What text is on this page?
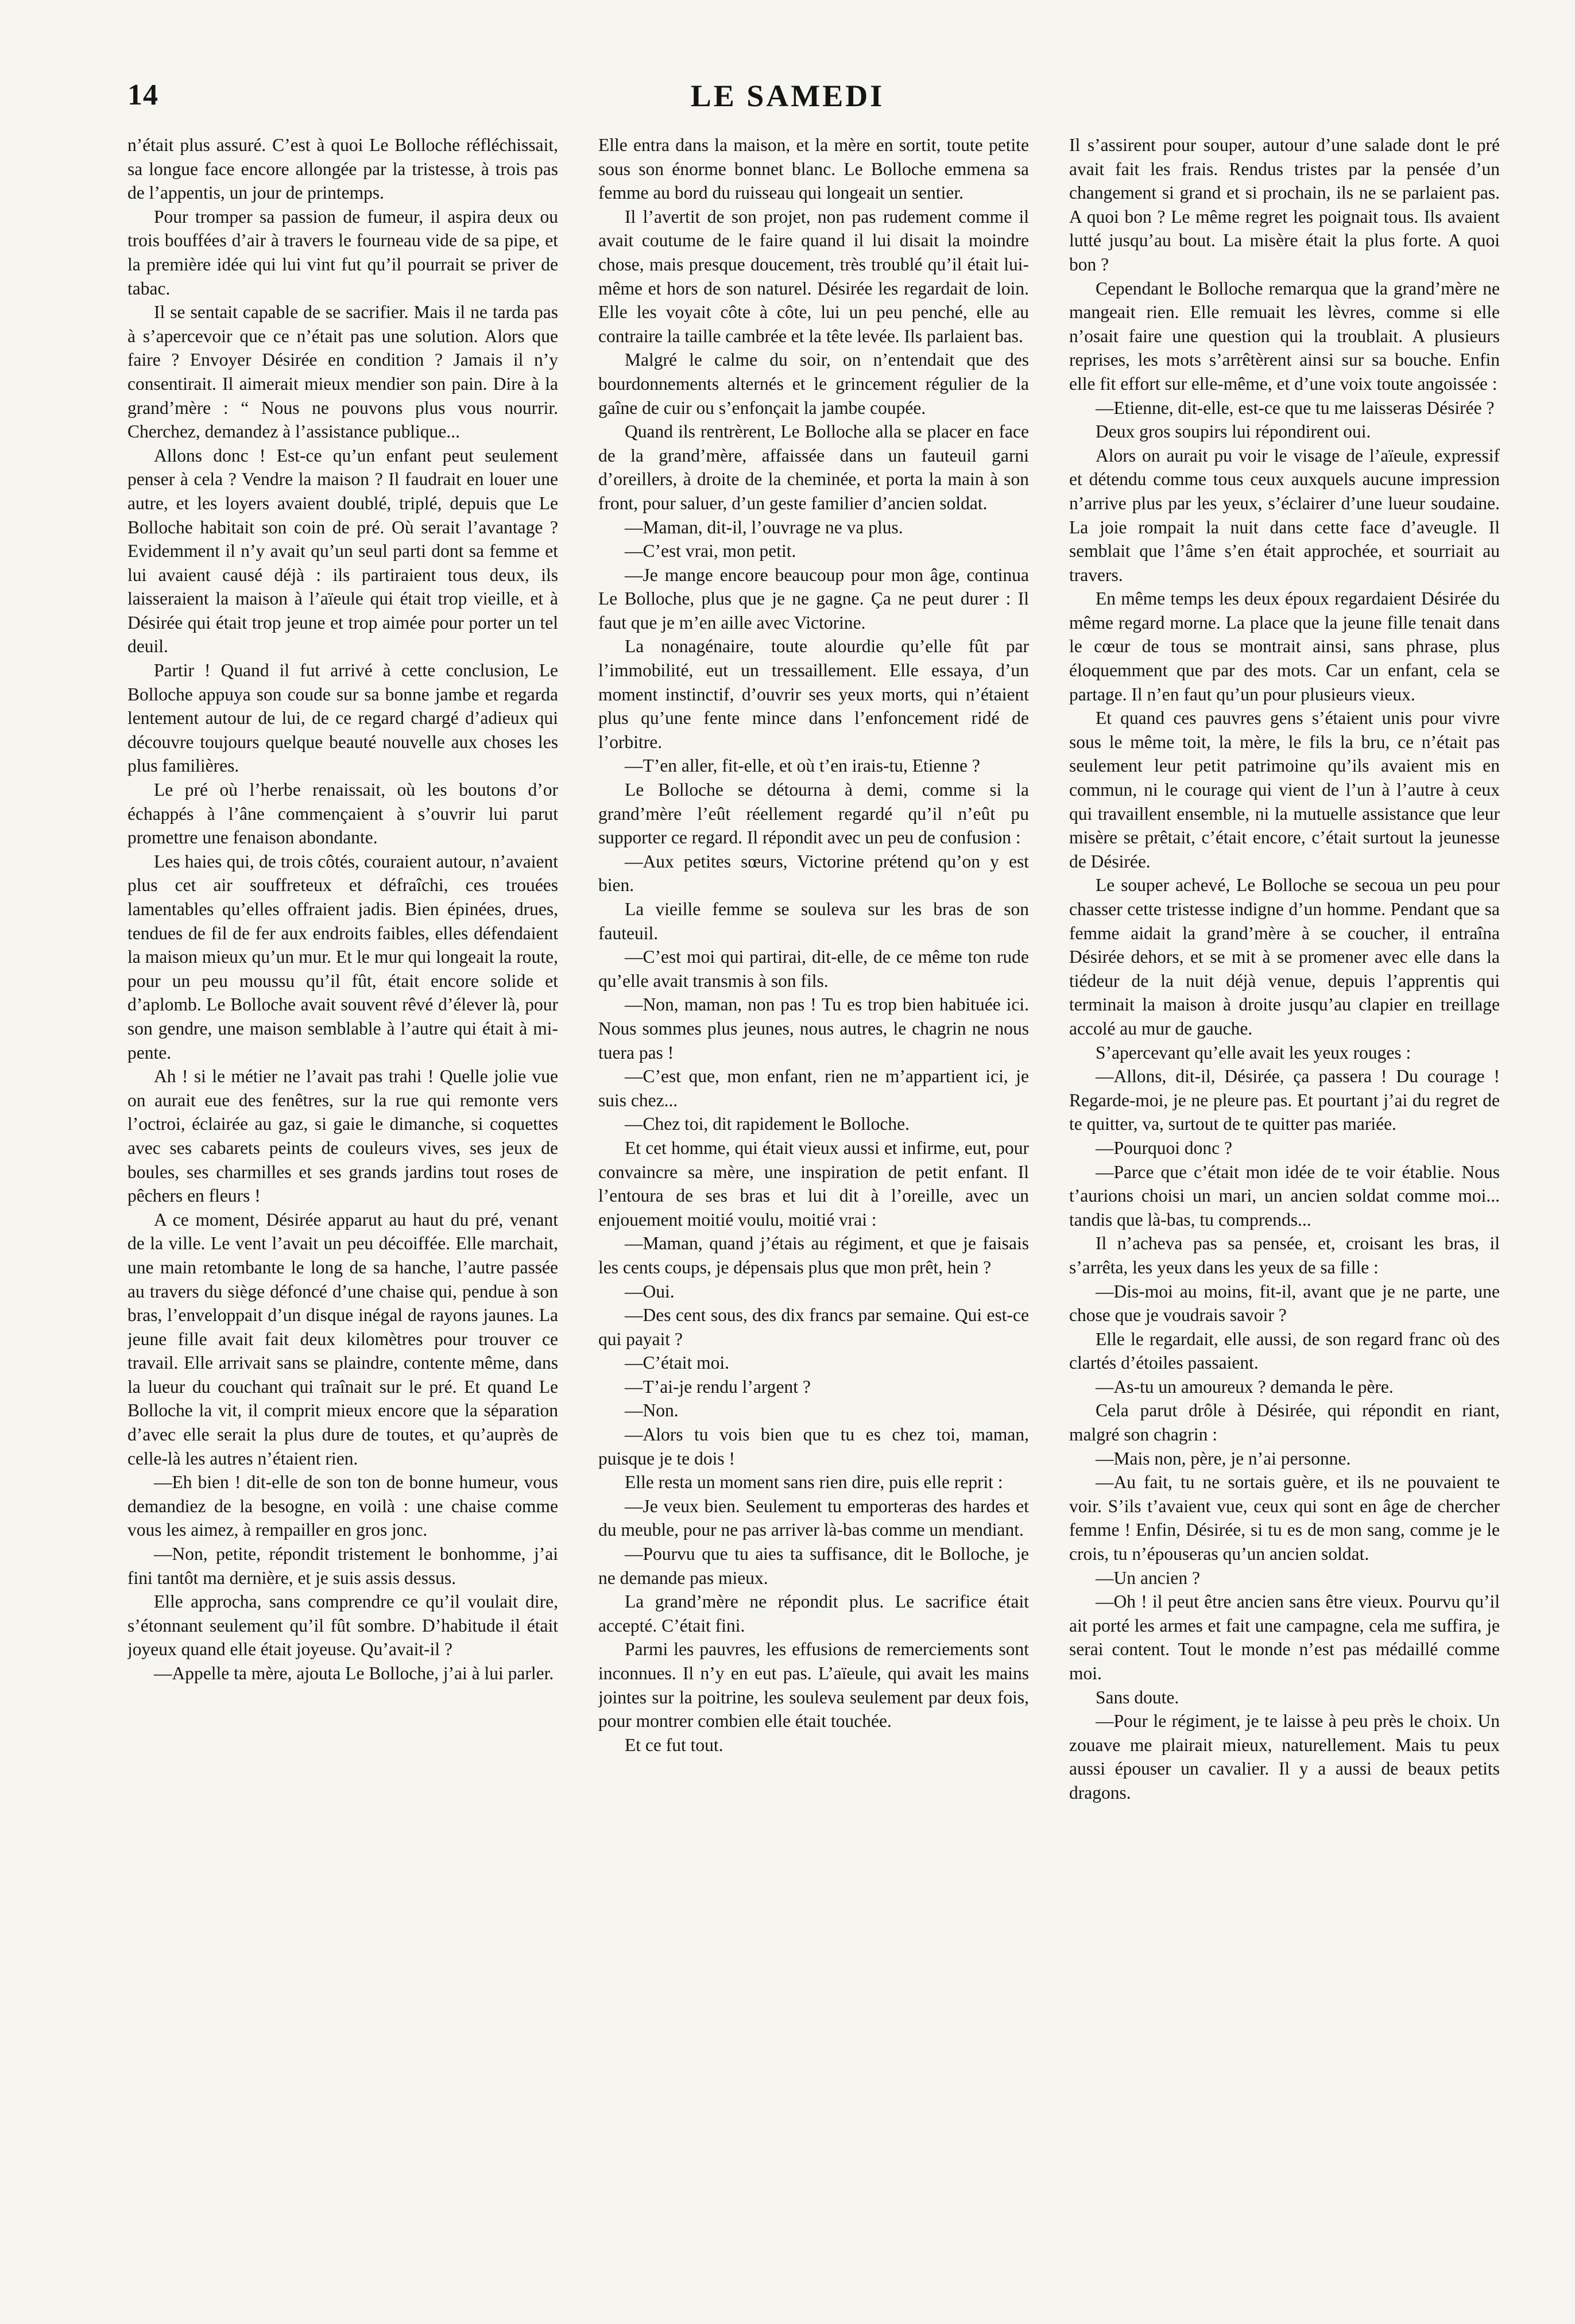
14	LE SAMEDI

n’était plus assuré. C’est à quoi Le Bolloche réfléchissait, sa longue face encore allongée par la tristesse, à trois pas de l’appentis, un jour de printemps.

Pour tromper sa passion de fumeur, il aspira deux ou trois bouffées d’air à travers le fourneau vide de sa pipe, et la première idée qui lui vint fut qu’il pourrait se priver de tabac.

Il se sentait capable de se sacrifier. Mais il ne tarda pas à s’apercevoir que ce n’était pas une solution. Alors que faire ? Envoyer Désirée en condition ? Jamais il n’y consentirait. Il aimerait mieux mendier son pain. Dire à la grand’mère : “ Nous ne pouvons plus vous nourrir. Cherchez, demandez à l’assistance publique...

Allons donc ! Est-ce qu’un enfant peut seulement penser à cela ? Vendre la maison ? Il faudrait en louer une autre, et les loyers avaient doublé, triplé, depuis que Le Bolloche habitait son coin de pré. Où serait l’avantage ? Evidemment il n’y avait qu’un seul parti dont sa femme et lui avaient causé déjà : ils partiraient tous deux, ils laisseraient la maison à l’aïeule qui était trop vieille, et à Désirée qui était trop jeune et trop aimée pour porter un tel deuil.

Partir ! Quand il fut arrivé à cette conclusion, Le Bolloche appuya son coude sur sa bonne jambe et regarda lentement autour de lui, de ce regard chargé d’adieux qui découvre toujours quelque beauté nouvelle aux choses les plus familières.

Le pré où l’herbe renaissait, où les boutons d’or échappés à l’âne commençaient à s’ouvrir lui parut promettre une fenaison abondante.

Les haies qui, de trois côtés, couraient autour, n’avaient plus cet air souffreteux et défraîchi, ces trouées lamentables qu’elles offraient jadis. Bien épinées, drues, tendues de fil de fer aux endroits faibles, elles défendaient la maison mieux qu’un mur. Et le mur qui longeait la route, pour un peu moussu qu’il fût, était encore solide et d’aplomb. Le Bolloche avait souvent rêvé d’élever là, pour son gendre, une maison semblable à l’autre qui était à mi-pente.

Ah ! si le métier ne l’avait pas trahi ! Quelle jolie vue on aurait eue des fenêtres, sur la rue qui remonte vers l’octroi, éclairée au gaz, si gaie le dimanche, si coquettes avec ses cabarets peints de couleurs vives, ses jeux de boules, ses charmilles et ses grands jardins tout roses de pêchers en fleurs !

A ce moment, Désirée apparut au haut du pré, venant de la ville. Le vent l’avait un peu décoiffée. Elle marchait, une main retombante le long de sa hanche, l’autre passée au travers du siège défoncé d’une chaise qui, pendue à son bras, l’enveloppait d’un disque inégal de rayons jaunes. La jeune fille avait fait deux kilomètres pour trouver ce travail. Elle arrivait sans se plaindre, contente même, dans la lueur du couchant qui traînait sur le pré. Et quand Le Bolloche la vit, il comprit mieux encore que la séparation d’avec elle serait la plus dure de toutes, et qu’auprès de celle-là les autres n’étaient rien.

—Eh bien ! dit-elle de son ton de bonne humeur, vous demandiez de la besogne, en voilà : une chaise comme vous les aimez, à rempailler en gros jonc.

—Non, petite, répondit tristement le bonhomme, j’ai fini tantôt ma dernière, et je suis assis dessus.

Elle approcha, sans comprendre ce qu’il voulait dire, s’étonnant seulement qu’il fût sombre. D’habitude il était joyeux quand elle était joyeuse. Qu’avait-il ?

—Appelle ta mère, ajouta Le Bolloche, j’ai à lui parler.

Elle entra dans la maison, et la mère en sortit, toute petite sous son énorme bonnet blanc. Le Bolloche emmena sa femme au bord du ruisseau qui longeait un sentier.

Il l’avertit de son projet, non pas rudement comme il avait coutume de le faire quand il lui disait la moindre chose, mais presque doucement, très troublé qu’il était lui-même et hors de son naturel. Désirée les regardait de loin. Elle les voyait côte à côte, lui un peu penché, elle au contraire la taille cambrée et la tête levée. Ils parlaient bas.

Malgré le calme du soir, on n’entendait que des bourdonnements alternés et le grincement régulier de la gaîne de cuir ou s’enfonçait la jambe coupée.

Quand ils rentrèrent, Le Bolloche alla se placer en face de la grand’mère, affaissée dans un fauteuil garni d’oreillers, à droite de la cheminée, et porta la main à son front, pour saluer, d’un geste familier d’ancien soldat.

—Maman, dit-il, l’ouvrage ne va plus.

—C’est vrai, mon petit.

—Je mange encore beaucoup pour mon âge, continua Le Bolloche, plus que je ne gagne. Ça ne peut durer : Il faut que je m’en aille avec Victorine.

La nonagénaire, toute alourdie qu’elle fût par l’immobilité, eut un tressaillement. Elle essaya, d’un moment instinctif, d’ouvrir ses yeux morts, qui n’étaient plus qu’une fente mince dans l’enfoncement ridé de l’orbitre.

—T’en aller, fit-elle, et où t’en irais-tu, Etienne ?

Le Bolloche se détourna à demi, comme si la grand’mère l’eût réellement regardé qu’il n’eût pu supporter ce regard. Il répondit avec un peu de confusion :

—Aux petites sœurs, Victorine prétend qu’on y est bien.

La vieille femme se souleva sur les bras de son fauteuil.

—C’est moi qui partirai, dit-elle, de ce même ton rude qu’elle avait transmis à son fils.

—Non, maman, non pas ! Tu es trop bien habituée ici. Nous sommes plus jeunes, nous autres, le chagrin ne nous tuera pas !

—C’est que, mon enfant, rien ne m’appartient ici, je suis chez...

—Chez toi, dit rapidement le Bolloche.

Et cet homme, qui était vieux aussi et infirme, eut, pour convaincre sa mère, une inspiration de petit enfant. Il l’entoura de ses bras et lui dit à l’oreille, avec un enjouement moitié voulu, moitié vrai :

—Maman, quand j’étais au régiment, et que je faisais les cents coups, je dépensais plus que mon prêt, hein ?

—Oui.

—Des cent sous, des dix francs par semaine. Qui est-ce qui payait ?

—C’était moi.

—T’ai-je rendu l’argent ?

—Non.

—Alors tu vois bien que tu es chez toi, maman, puisque je te dois !

Elle resta un moment sans rien dire, puis elle reprit :

—Je veux bien. Seulement tu emporteras des hardes et du meuble, pour ne pas arriver là-bas comme un mendiant.

—Pourvu que tu aies ta suffisance, dit le Bolloche, je ne demande pas mieux.

La grand’mère ne répondit plus. Le sacrifice était accepté. C’était fini.

Parmi les pauvres, les effusions de remerciements sont inconnues. Il n’y en eut pas. L’aïeule, qui avait les mains jointes sur la poitrine, les souleva seulement par deux fois, pour montrer combien elle était touchée.

Et ce fut tout.

Il s’assirent pour souper, autour d’une salade dont le pré avait fait les frais. Rendus tristes par la pensée d’un changement si grand et si prochain, ils ne se parlaient pas. A quoi bon ? Le même regret les poignait tous. Ils avaient lutté jusqu’au bout. La misère était la plus forte. A quoi bon ?

Cependant le Bolloche remarqua que la grand’mère ne mangeait rien. Elle remuait les lèvres, comme si elle n’osait faire une question qui la troublait. A plusieurs reprises, les mots s’arrêtèrent ainsi sur sa bouche. Enfin elle fit effort sur elle-même, et d’une voix toute angoissée :

—Etienne, dit-elle, est-ce que tu me laisseras Désirée ?

Deux gros soupirs lui répondirent oui.

Alors on aurait pu voir le visage de l’aïeule, expressif et détendu comme tous ceux auxquels aucune impression n’arrive plus par les yeux, s’éclairer d’une lueur soudaine. La joie rompait la nuit dans cette face d’aveugle. Il semblait que l’âme s’en était approchée, et sourriait au travers.

En même temps les deux époux regardaient Désirée du même regard morne. La place que la jeune fille tenait dans le cœur de tous se montrait ainsi, sans phrase, plus éloquemment que par des mots. Car un enfant, cela se partage. Il n’en faut qu’un pour plusieurs vieux.

Et quand ces pauvres gens s’étaient unis pour vivre sous le même toit, la mère, le fils la bru, ce n’était pas seulement leur petit patrimoine qu’ils avaient mis en commun, ni le courage qui vient de l’un à l’autre à ceux qui travaillent ensemble, ni la mutuelle assistance que leur misère se prêtait, c’était encore, c’était surtout la jeunesse de Désirée.

Le souper achevé, Le Bolloche se secoua un peu pour chasser cette tristesse indigne d’un homme. Pendant que sa femme aidait la grand’mère à se coucher, il entraîna Désirée dehors, et se mit à se promener avec elle dans la tiédeur de la nuit déjà venue, depuis l’apprentis qui terminait la maison à droite jusqu’au clapier en treillage accolé au mur de gauche.

S’apercevant qu’elle avait les yeux rouges :

—Allons, dit-il, Désirée, ça passera ! Du courage ! Regarde-moi, je ne pleure pas. Et pourtant j’ai du regret de te quitter, va, surtout de te quitter pas mariée.

—Pourquoi donc ?

—Parce que c’était mon idée de te voir établie. Nous t’aurions choisi un mari, un ancien soldat comme moi... tandis que là-bas, tu comprends...

Il n’acheva pas sa pensée, et, croisant les bras, il s’arrêta, les yeux dans les yeux de sa fille :

—Dis-moi au moins, fit-il, avant que je ne parte, une chose que je voudrais savoir ?

Elle le regardait, elle aussi, de son regard franc où des clartés d’étoiles passaient.

—As-tu un amoureux ? demanda le père.

Cela parut drôle à Désirée, qui répondit en riant, malgré son chagrin :

—Mais non, père, je n’ai personne.

—Au fait, tu ne sortais guère, et ils ne pouvaient te voir. S’ils t’avaient vue, ceux qui sont en âge de chercher femme ! Enfin, Désirée, si tu es de mon sang, comme je le crois, tu n’épouseras qu’un ancien soldat.

—Un ancien ?

—Oh ! il peut être ancien sans être vieux. Pourvu qu’il ait porté les armes et fait une campagne, cela me suffira, je serai content. Tout le monde n’est pas médaillé comme moi.

Sans doute.

—Pour le régiment, je te laisse à peu près le choix. Un zouave me plairait mieux, naturellement. Mais tu peux aussi épouser un cavalier. Il y a aussi de beaux petits dragons.
